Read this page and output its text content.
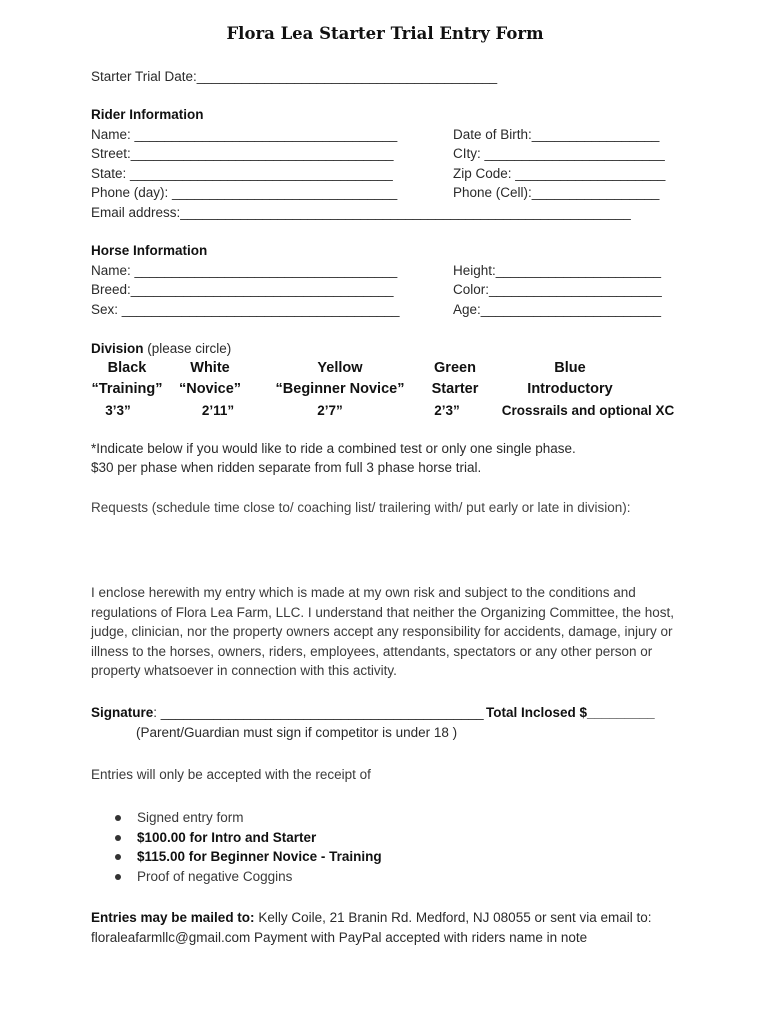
Flora Lea Starter Trial Entry Form
Starter Trial Date:________________________________________
Rider Information
Name: ___________________________________
Street:___________________________________
State: ___________________________________
Phone (day): ______________________________
Email address:____________________________________________________________
Date of Birth:_________________
CIty: ________________________
Zip Code: ____________________
Phone (Cell):_________________
Horse Information
Name: ___________________________________
Breed:___________________________________
Sex: _____________________________________
Height:______________________
Color:_______________________
Age:________________________
Division (please circle)
Black
“Training”
3’3”
White
“Novice”
2’11”
Yellow
“Beginner Novice”
2’7”
Green
Starter
2’3”
Blue
Introductory
Crossrails and optional XC
*Indicate below if you would like to ride a combined test or only one single phase.
$30 per phase when ridden separate from full 3 phase horse trial.
Requests (schedule time close to/ coaching list/ trailering with/ put early or late in division):
I enclose herewith my entry which is made at my own risk and subject to the conditions and regulations of Flora Lea Farm, LLC. I understand that neither the Organizing Committee, the host, judge, clinician, nor the property owners accept any responsibility for accidents, damage, injury or illness to the horses, owners, riders, employees, attendants, spectators or any other person or property whatsoever in connection with this activity.
Signature: ___________________________________________ Total Inclosed $_________
(Parent/Guardian must sign if competitor is under 18 )
Entries will only be accepted with the receipt of
Signed entry form
$100.00 for Intro and Starter
$115.00 for Beginner Novice - Training
Proof of negative Coggins
Entries may be mailed to: Kelly Coile, 21 Branin Rd. Medford, NJ 08055 or sent via email to:
floraleafarmllc@gmail.com Payment with PayPal accepted with riders name in note
